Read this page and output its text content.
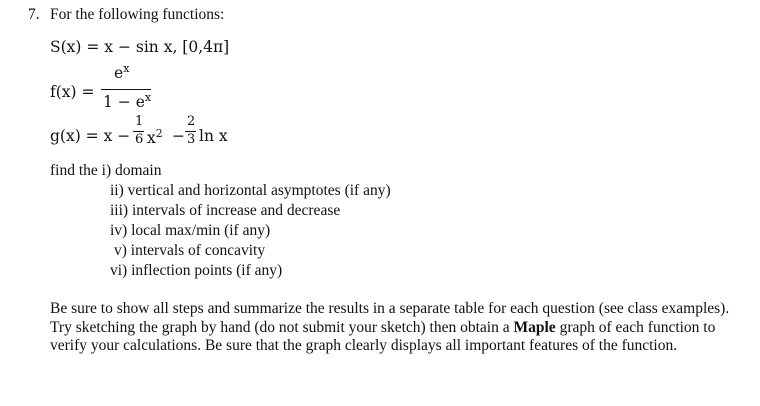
7. For the following functions:
S(x) = x − sin x, [0,4π]
f(x) =
$e^x$
$1 - e^x$
g(x) = x −
1
6 $x^2$ −
2
3 ln x
find the i) domain
ii) vertical and horizontal asymptotes (if any)
iii) intervals of increase and decrease
iv) local max/min (if any)
v) intervals of concavity
vi) inflection points (if any)
Be sure to show all steps and summarize the results in a separate table for each question (see class examples). Try sketching the graph by hand (do not submit your sketch) then obtain a Maple graph of each function to verify your calculations. Be sure that the graph clearly displays all important features of the function.
